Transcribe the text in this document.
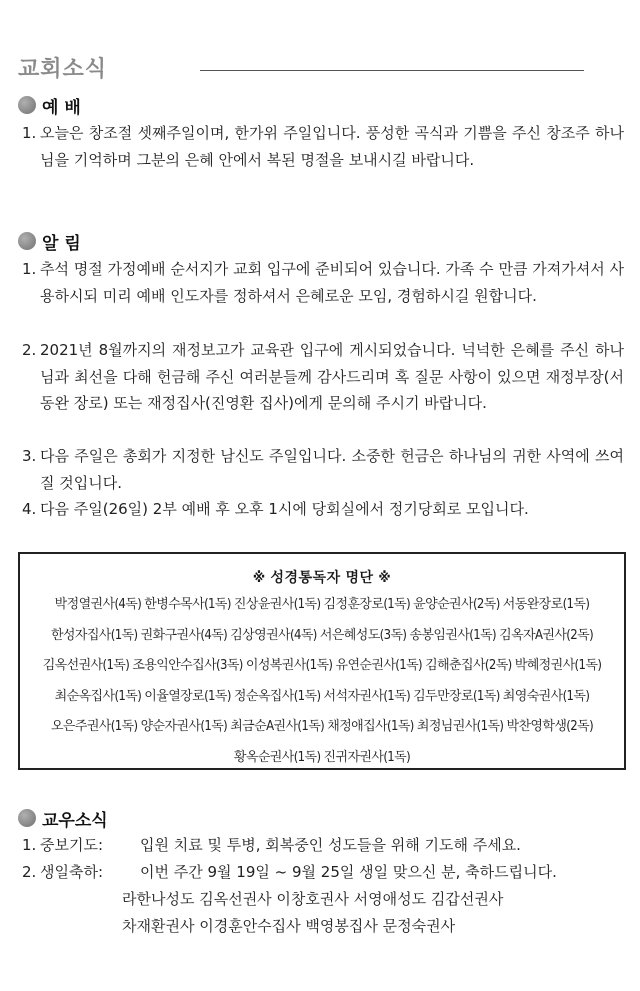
교회소식
예 배
1. 오늘은 창조절 셋째주일이며, 한가위 주일입니다. 풍성한 곡식과 기쁨을 주신 창조주 하나님을 기억하며 그분의 은혜 안에서 복된 명절을 보내시길 바랍니다.
알 림
1. 추석 명절 가정예배 순서지가 교회 입구에 준비되어 있습니다. 가족 수 만큼 가져가셔서 사용하시되 미리 예배 인도자를 정하셔서 은혜로운 모임, 경험하시길 원합니다.
2. 2021년 8월까지의 재정보고가 교육관 입구에 게시되었습니다. 넉넉한 은혜를 주신 하나님과 최선을 다해 헌금해 주신 여러분들께 감사드리며 혹 질문 사항이 있으면 재정부장(서동완 장로) 또는 재정집사(진영환 집사)에게 문의해 주시기 바랍니다.
3. 다음 주일은 총회가 지정한 남신도 주일입니다. 소중한 헌금은 하나님의 귀한 사역에 쓰여질 것입니다.
4. 다음 주일(26일) 2부 예배 후 오후 1시에 당회실에서 정기당회로 모입니다.
※ 성경통독자 명단 ※
박정열권사(4독) 한병수목사(1독) 진상윤권사(1독) 김정훈장로(1독) 윤양순권사(2독) 서동완장로(1독)
한성자집사(1독) 권화구권사(4독) 김상영권사(4독) 서은혜성도(3독) 송봉임권사(1독) 김옥자A권사(2독)
김옥선권사(1독) 조용익안수집사(3독) 이성복권사(1독) 유연순권사(1독) 김해춘집사(2독) 박혜정권사(1독)
최순옥집사(1독) 이율열장로(1독) 정순옥집사(1독) 서석자권사(1독) 김두만장로(1독) 최영숙권사(1독)
오은주권사(1독) 양순자권사(1독) 최금순A권사(1독) 채정애집사(1독) 최정님권사(1독) 박찬영학생(2독)
황옥순권사(1독) 진귀자권사(1독)
교우소식
1. 중보기도:	입원 치료 및 투병, 회복중인 성도들을 위해 기도해 주세요.
2. 생일축하:	이번 주간 9월 19일 ~ 9월 25일 생일 맞으신 분, 축하드립니다.
라한나성도 김옥선권사 이창호권사 서영애성도 김갑선권사
차재환권사 이경훈안수집사 백영봉집사 문정숙권사
